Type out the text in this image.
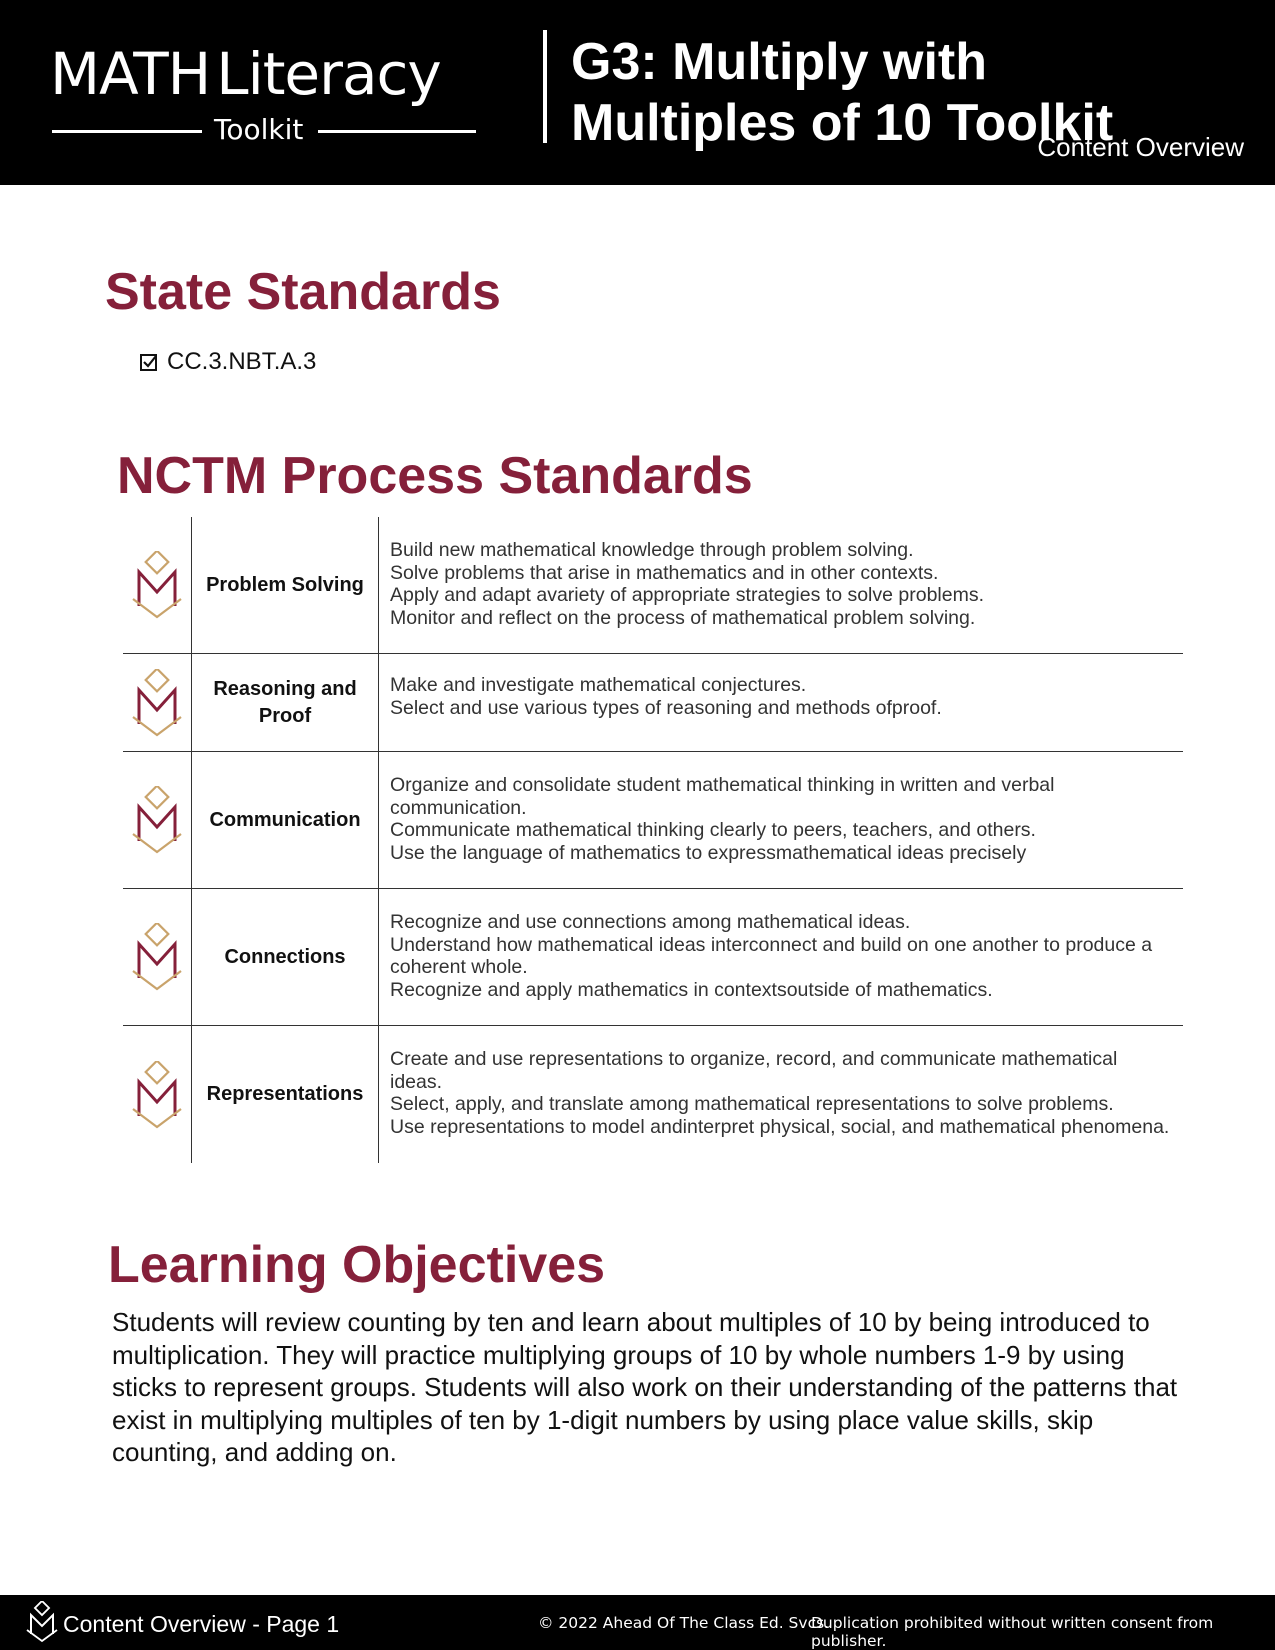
MATH Literacy
Toolkit
G3: Multiply with Multiples of 10 Toolkit
Content Overview
State Standards
CC.3.NBT.A.3
NCTM Process Standards
Problem Solving
Build new mathematical knowledge through problem solving.
Solve problems that arise in mathematics and in other contexts.
Apply and adapt avariety of appropriate strategies to solve problems.
Monitor and reflect on the process of mathematical problem solving.
Reasoning and Proof
Make and investigate mathematical conjectures.
Select and use various types of reasoning and methods ofproof.
Communication
Organize and consolidate student mathematical thinking in written and verbal communication.
Communicate mathematical thinking clearly to peers, teachers, and others.
Use the language of mathematics to expressmathematical ideas precisely
Connections
Recognize and use connections among mathematical ideas.
Understand how mathematical ideas interconnect and build on one another to produce a coherent whole.
Recognize and apply mathematics in contextsoutside of mathematics.
Representations
Create and use representations to organize, record, and communicate mathematical ideas.
Select, apply, and translate among mathematical representations to solve problems.
Use representations to model andinterpret physical, social, and mathematical phenomena.
Learning Objectives
Students will review counting by ten and learn about multiples of 10 by being introduced to multiplication. They will practice multiplying groups of 10 by whole numbers 1-9 by using sticks to represent groups. Students will also work on their understanding of the patterns that exist in multiplying multiples of ten by 1-digit numbers by using place value skills, skip counting, and adding on.
Content Overview - Page 1	© 2022 Ahead Of The Class Ed. Svcs.
Duplication prohibited without written consent from publisher.
